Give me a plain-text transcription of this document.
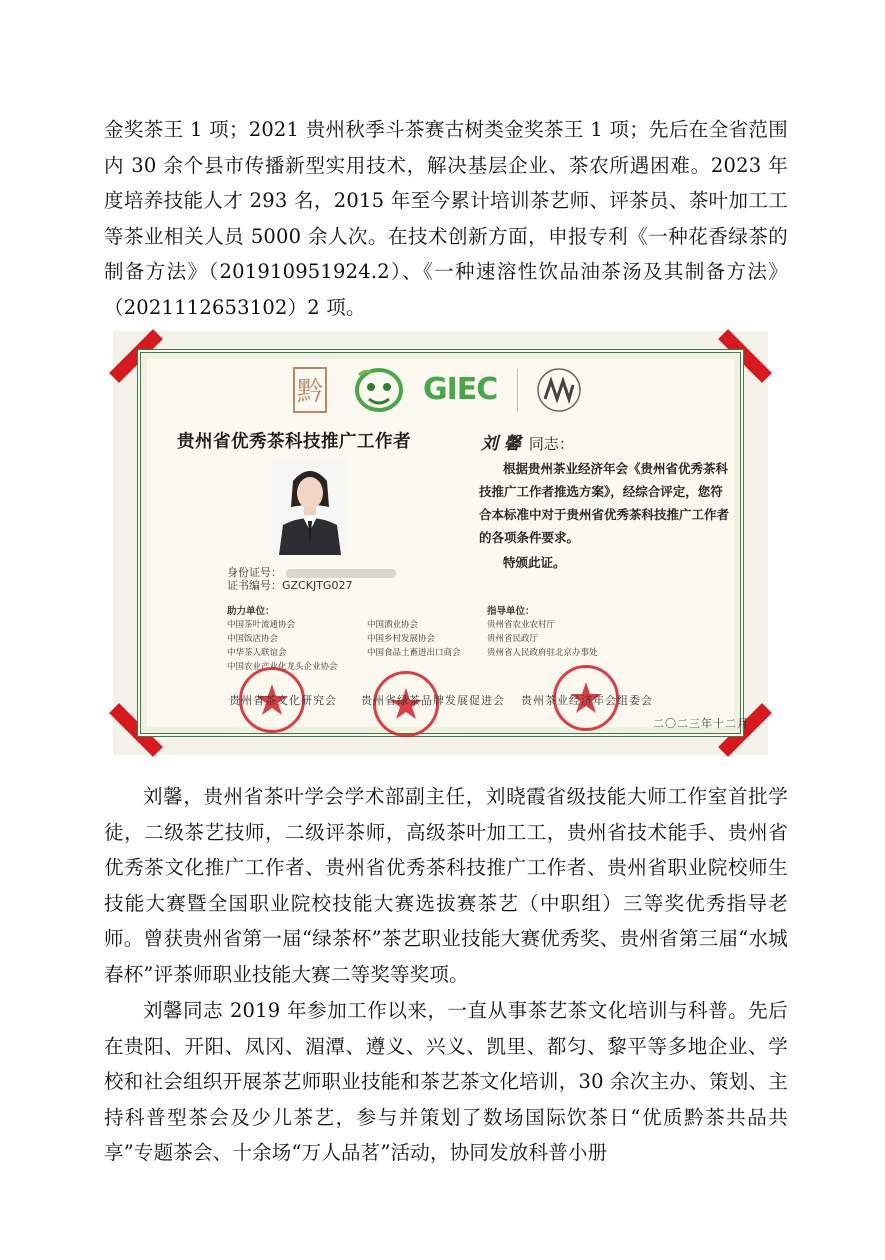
金奖茶王 1 项；2021 贵州秋季斗茶赛古树类金奖茶王 1 项；先后在全省范围内 30 余个县市传播新型实用技术，解决基层企业、茶农所遇困难。2023 年度培养技能人才 293 名，2015 年至今累计培训茶艺师、评茶员、茶叶加工工等茶业相关人员 5000 余人次。在技术创新方面，申报专利《一种花香绿茶的制备方法》（201910951924.2）、《一种速溶性饮品油茶汤及其制备方法》（2021112653102）2 项。

黔	GIEC
贵州省优秀茶科技推广工作者	刘 馨 同志：
根据贵州茶业经济年会《贵州省优秀茶科技推广工作者推选方案》，经综合评定，您符合本标准中对于贵州省优秀茶科技推广工作者的各项条件要求。
特颁此证。
身份证号：
证书编号：GZCKJTG027
助力单位：
中国茶叶流通协会
中国饭店协会
中华茶人联谊会
中国农业产业化龙头企业协会
中国酒业协会
中国乡村发展协会
中国食品土畜进出口商会
指导单位：
贵州省农业农村厅
贵州省民政厅
贵州省人民政府驻北京办事处
贵州省茶文化研究会 贵州省绿茶品牌发展促进会 贵州茶业经济年会组委会
二〇二三年十二月

刘馨，贵州省茶叶学会学术部副主任，刘晓霞省级技能大师工作室首批学徒，二级茶艺技师，二级评茶师，高级茶叶加工工，贵州省技术能手、贵州省优秀茶文化推广工作者、贵州省优秀茶科技推广工作者、贵州省职业院校师生技能大赛暨全国职业院校技能大赛选拔赛茶艺（中职组）三等奖优秀指导老师。曾获贵州省第一届“绿茶杯”茶艺职业技能大赛优秀奖、贵州省第三届“水城春杯”评茶师职业技能大赛二等奖等奖项。

刘馨同志 2019 年参加工作以来，一直从事茶艺茶文化培训与科普。先后在贵阳、开阳、凤冈、湄潭、遵义、兴义、凯里、都匀、黎平等多地企业、学校和社会组织开展茶艺师职业技能和茶艺茶文化培训，30 余次主办、策划、主持科普型茶会及少儿茶艺，参与并策划了数场国际饮茶日“优质黔茶共品共享”专题茶会、十余场“万人品茗”活动，协同发放科普小册
